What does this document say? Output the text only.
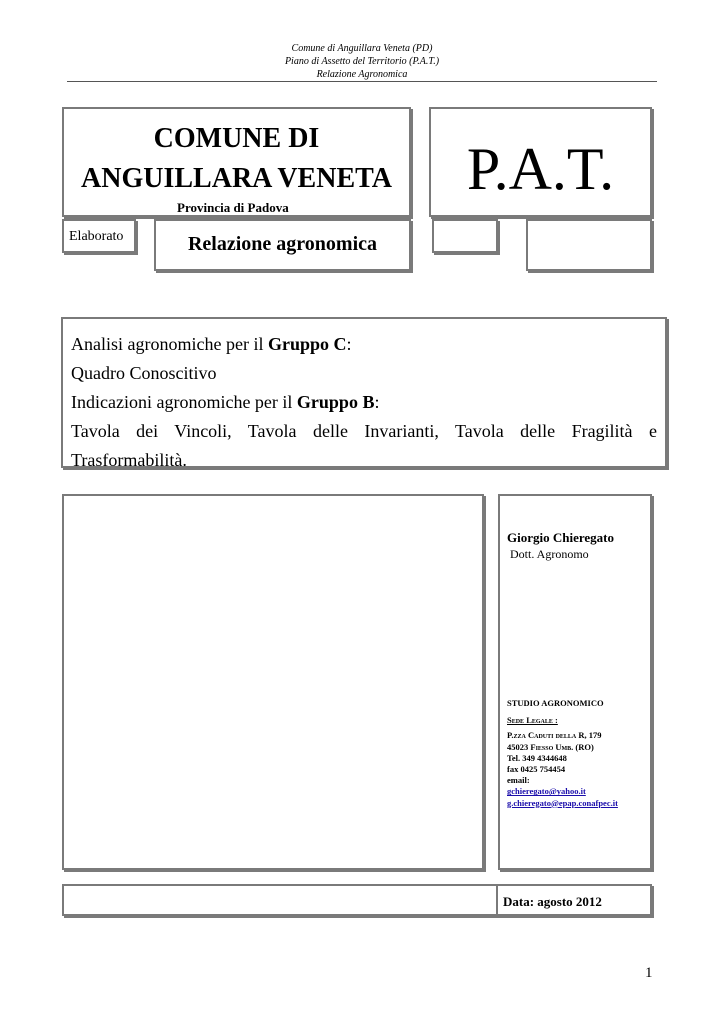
Comune di Anguillara Veneta (PD)
Piano di Assetto del Territorio (P.A.T.)
Relazione Agronomica
COMUNE DI
ANGUILLARA VENETA
Provincia di Padova
P.A.T.
Elaborato	Relazione agronomica

Analisi agronomiche per il Gruppo C:

Quadro Conoscitivo

Indicazioni agronomiche per il Gruppo B:

Tavola dei Vincoli, Tavola delle Invarianti, Tavola delle Fragilità e

Trasformabilità.

Giorgio Chieregato
Dott. Agronomo
STUDIO AGRONOMICO
Sede Legale :
P.zza Caduti della R, 179
45023 Fiesso Umb. (RO)
Tel. 349 4344648
fax 0425 754454
email:
gchieregato@yahoo.it
g.chieregato@epap.conafpec.it
Data: agosto 2012
1
